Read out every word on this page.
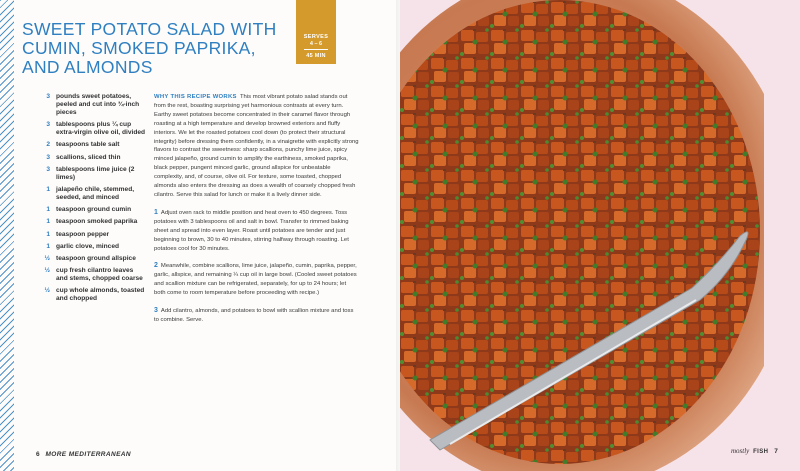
SWEET POTATO SALAD WITH
CUMIN, SMOKED PAPRIKA,
AND ALMONDS
SERVES
4 – 6
45 MIN
3 pounds sweet potatoes, peeled and cut into ¾-inch pieces
3 tablespoons plus ¼ cup extra-virgin olive oil, divided
2 teaspoons table salt
3 scallions, sliced thin
3 tablespoons lime juice (2 limes)
1 jalapeño chile, stemmed, seeded, and minced
1 teaspoon ground cumin
1 teaspoon smoked paprika
1 teaspoon pepper
1 garlic clove, minced
½ teaspoon ground allspice
½ cup fresh cilantro leaves and stems, chopped coarse
½ cup whole almonds, toasted and chopped

WHY THIS RECIPE WORKS This most vibrant potato salad stands out from the rest, boasting surprising yet harmonious contrasts at every turn. Earthy sweet potatoes become concentrated in their caramel flavor through roasting at a high temperature and develop browned exteriors and fluffy interiors. We let the roasted potatoes cool down (to protect their structural integrity) before dressing them confidently, in a vinaigrette with explicitly strong flavors to contrast the sweetness: sharp scallions, punchy lime juice, spicy minced jalapeño, ground cumin to amplify the earthiness, smoked paprika, black pepper, pungent minced garlic, ground allspice for unbeatable complexity, and, of course, olive oil. For texture, some toasted, chopped almonds also enters the dressing as does a wealth of coarsely chopped fresh cilantro. Serve this salad for lunch or make it a lively dinner side.

1 Adjust oven rack to middle position and heat oven to 450 degrees. Toss potatoes with 3 tablespoons oil and salt in bowl. Transfer to rimmed baking sheet and spread into even layer. Roast until potatoes are tender and just beginning to brown, 30 to 40 minutes, stirring halfway through roasting. Let potatoes cool for 30 minutes.

2 Meanwhile, combine scallions, lime juice, jalapeño, cumin, paprika, pepper, garlic, allspice, and remaining ¼ cup oil in large bowl. (Cooled sweet potatoes and scallion mixture can be refrigerated, separately, for up to 24 hours; let both come to room temperature before proceeding with recipe.)

3 Add cilantro, almonds, and potatoes to bowl with scallion mixture and toss to combine. Serve.

6 MORE MEDITERRANEAN	mostly FISH 7
